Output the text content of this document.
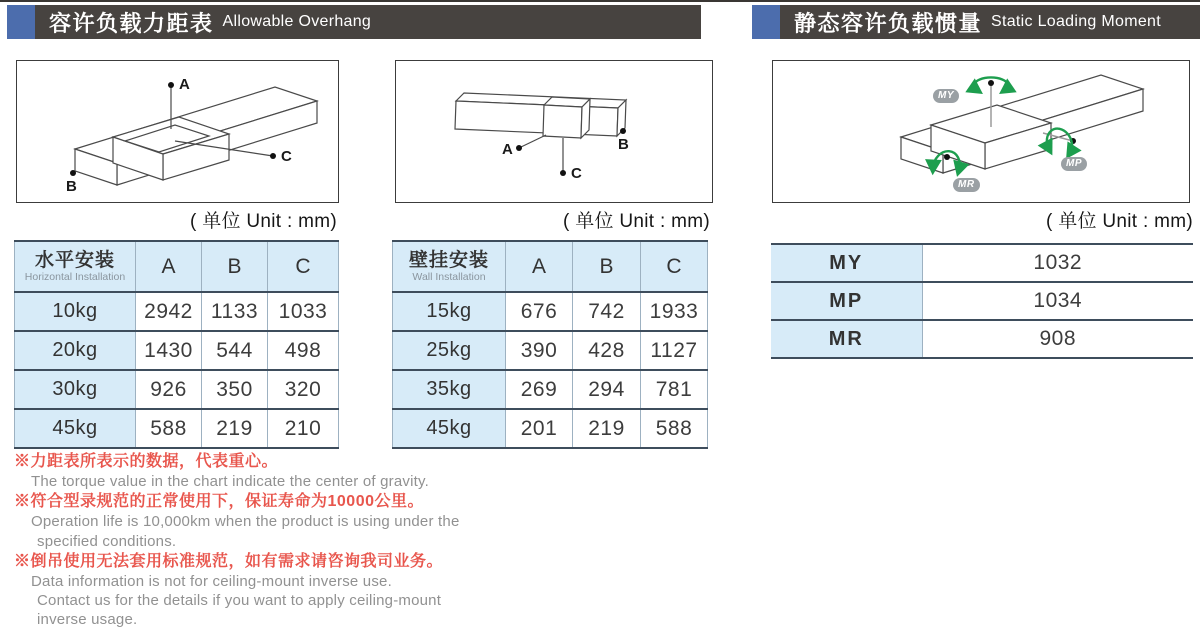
容许负载力距表 Allowable Overhang	静态容许负载惯量 Static Loading Moment
A
B
C
( 单位 Unit : mm)
A	B
C
( 单位 Unit : mm)
MY
MP
MR
( 单位 Unit : mm)
水平安装
Horizontal Installation	A	B	C
10kg	2942	1133	1033
20kg	1430	544	498
30kg	926	350	320
45kg	588	219	210
壁挂安装
Wall Installation	A	B	C
15kg	676	742	1933
25kg	390	428	1127
35kg	269	294	781
45kg	201	219	588
MY	1032
MP	1034
MR	908
※力距表所表示的数据，代表重心。
The torque value in the chart indicate the center of gravity.
※符合型录规范的正常使用下，保证寿命为10000公里。
Operation life is 10,000km when the product is using under the
specified conditions.
※倒吊使用无法套用标准规范，如有需求请咨询我司业务。
Data information is not for ceiling-mount inverse use.
Contact us for the details if you want to apply ceiling-mount
inverse usage.
